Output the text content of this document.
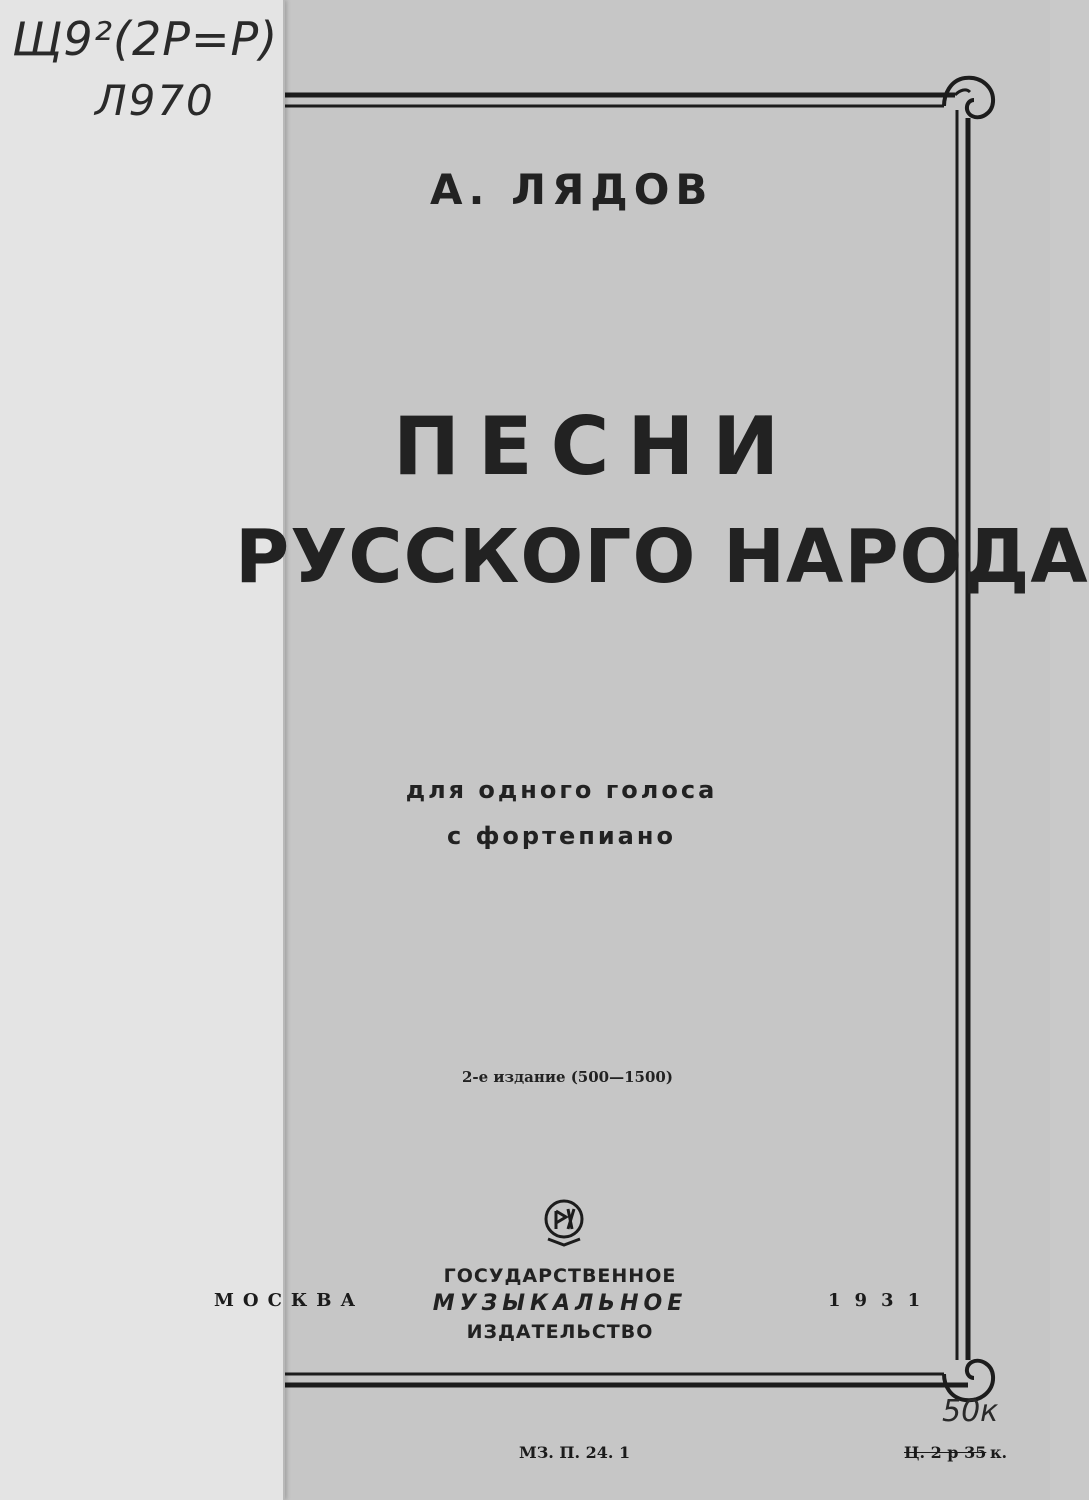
Щ9²(2Р=Р)
Л970
А. ЛЯДОВ
ПЕСНИ
РУССКОГО НАРОДА
для одного голоса
с фортепиано
2-е издание (500—1500)
ГОСУДАРСТВЕННОЕ
МУЗЫКАЛЬНОЕ
ИЗДАТЕЛЬСТВО
МОСКВА	1931
50к
МЗ. П. 24. 1	Ц. 2 р 35 к.
